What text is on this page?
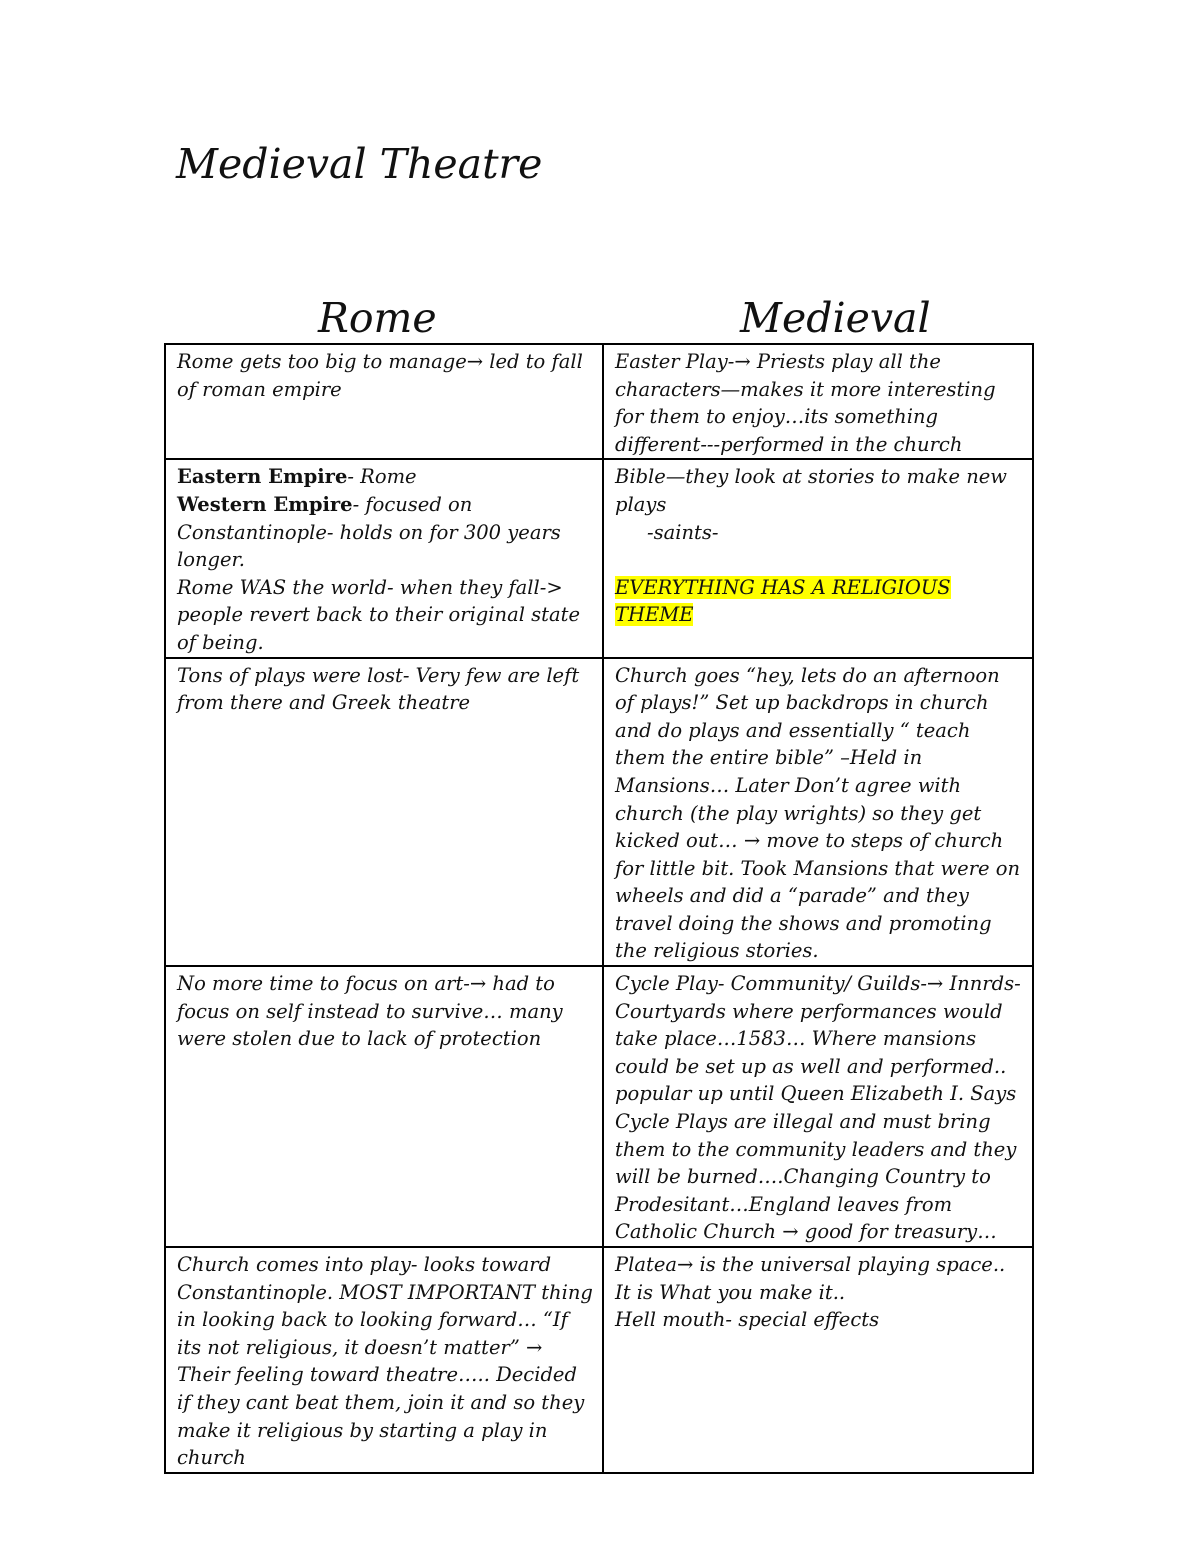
Medieval Theatre
Rome	Medieval
Rome gets too big to manage→ led to fall of roman empire	Easter Play-→ Priests play all the characters—makes it more interesting for them to enjoy…its something different---performed in the church

Eastern Empire- Rome
Western Empire- focused on Constantinople- holds on for 300 years longer.
Rome WAS the world- when they fall-> people revert back to their original state of being.	Bible—they look at stories to make new plays
-saints-
EVERYTHING HAS A RELIGIOUS THEME

Tons of plays were lost- Very few are left from there and Greek theatre	Church goes “hey, lets do an afternoon of plays!” Set up backdrops in church and do plays and essentially “ teach them the entire bible” –Held in Mansions… Later Don’t agree with church (the play wrights) so they get kicked out… → move to steps of church for little bit. Took Mansions that were on wheels and did a “parade” and they travel doing the shows and promoting the religious stories.

No more time to focus on art-→ had to focus on self instead to survive… many were stolen due to lack of protection	Cycle Play- Community/ Guilds-→ Innrds- Courtyards where performances would take place…1583… Where mansions could be set up as well and performed.. popular up until Queen Elizabeth I. Says Cycle Plays are illegal and must bring them to the community leaders and they will be burned….Changing Country to Prodesitant…England leaves from Catholic Church → good for treasury…

Church comes into play- looks toward Constantinople. MOST IMPORTANT thing in looking back to looking forward… “If its not religious, it doesn’t matter” → Their feeling toward theatre….. Decided if they cant beat them, join it and so they make it religious by starting a play in church	Platea→ is the universal playing space.. It is What you make it..
Hell mouth- special effects
